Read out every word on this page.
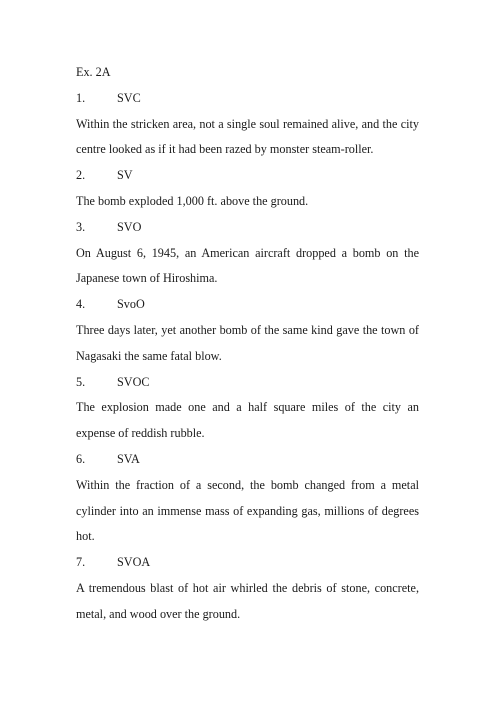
Ex. 2A

1.	SVC

Within the stricken area, not a single soul remained alive, and the city centre looked as if it had been razed by monster steam-roller.

2.	SV

The bomb exploded 1,000 ft. above the ground.

3.	SVO

On August 6, 1945, an American aircraft dropped a bomb on the Japanese town of Hiroshima.

4.	SvoO

Three days later, yet another bomb of the same kind gave the town of Nagasaki the same fatal blow.

5.	SVOC

The explosion made one and a half square miles of the city an expense of reddish rubble.

6.	SVA

Within the fraction of a second, the bomb changed from a metal cylinder into an immense mass of expanding gas, millions of degrees hot.

7.	SVOA

A tremendous blast of hot air whirled the debris of stone, concrete, metal, and wood over the ground.
